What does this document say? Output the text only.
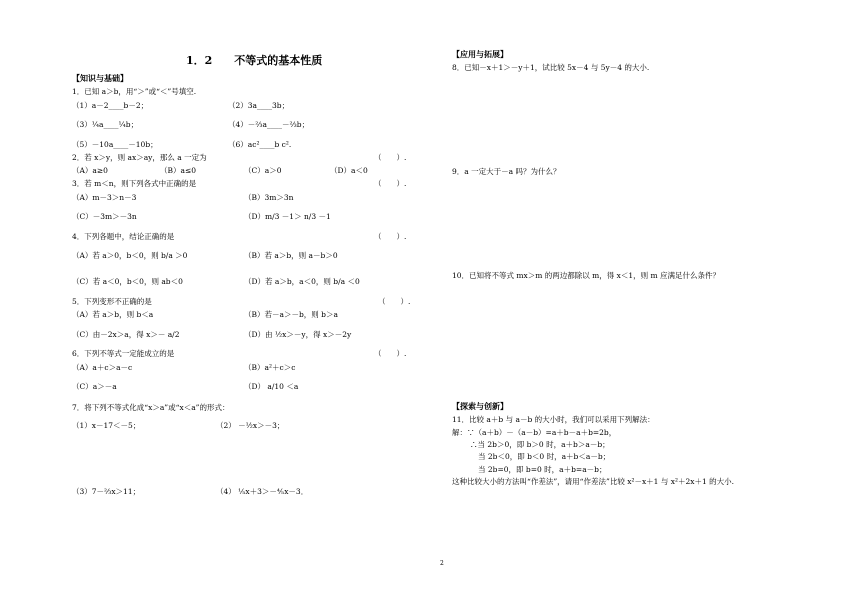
1．2　　不等式的基本性质
【知识与基础】
1．已知 a＞b，用“＞”或“＜”号填空.
（1）a－2____b－2；	（2）3a____3b；
（3）¼a____¼b；	（4）－⅔a____－⅔b；
（5）－10a____－10b；	（6）ac²____b c².
2．若 x＞y，则 ax＞ay，那么 a 一定为	（　　）.
（A）a≥0	（B）a≤0	（C）a＞0	（D）a＜0
3．若 m＜n，则下列各式中正确的是	（　　）.
（A）m－3＞n－3	（B）3m＞3n
（C）－3m＞－3n	（D）m/3 －1＞ n/3 －1
4．下列各题中，结论正确的是	（　　）.
（A）若 a＞0，b＜0，则 b/a ＞0	（B）若 a＞b，则 a－b＞0
（C）若 a＜0，b＜0，则 ab＜0	（D）若 a＞b，a＜0，则 b/a ＜0
5．下列变形不正确的是	（　　）.
（A）若 a＞b，则 b＜a	（B）若－a＞－b，则 b＞a
（C）由－2x＞a，得 x＞－ a/2	（D）由 ½x＞－y，得 x＞－2y
6．下列不等式一定能成立的是	（　　）.
（A）a＋c＞a－c	（B）a²＋c＞c
（C）a＞－a	（D） a/10 ＜a
7．将下列不等式化成“x＞a”或“x＜a”的形式：
（1）x－17＜－5；	（2） －½x＞－3；
（3）7－⅔x＞11；	（4） ⅕x＋3＞－⅘x－3．
2
【应用与拓展】
8．已知－x＋1＞－y＋1，试比较 5x－4 与 5y－4 的大小.
9．a 一定大于－a 吗？为什么？
10．已知将不等式 mx＞m 的两边都除以 m，得 x＜1，则 m 应满足什么条件？
【探索与创新】
11．比较 a＋b 与 a－b 的大小时，我们可以采用下列解法：
解：∵（a＋b）－（a－b）=a＋b－a＋b=2b，
∴当 2b＞0，即 b＞0 时，a＋b＞a－b；
当 2b＜0，即 b＜0 时，a＋b＜a－b；
当 2b=0，即 b=0 时，a＋b=a－b；
这种比较大小的方法叫“作差法”，请用“作差法”比较 x²－x＋1 与 x²＋2x＋1 的大小.
